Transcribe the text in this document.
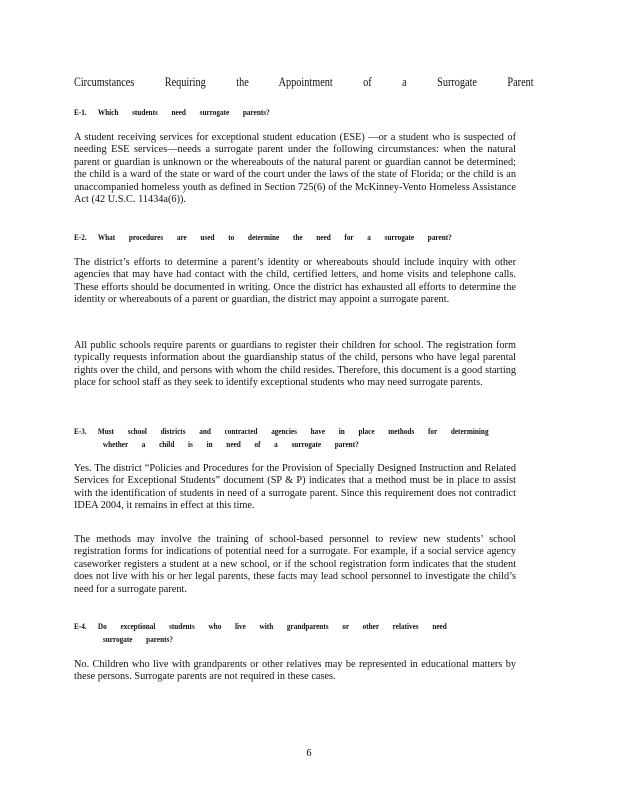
Circumstances Requiring the Appointment of a Surrogate Parent
E-1. Which students need surrogate parents?
A student receiving services for exceptional student education (ESE) —or a student who is suspected of needing ESE services—needs a surrogate parent under the following circumstances: when the natural parent or guardian is unknown or the whereabouts of the natural parent or guardian cannot be determined; the child is a ward of the state or ward of the court under the laws of the state of Florida; or the child is an unaccompanied homeless youth as defined in Section 725(6) of the McKinney-Vento Homeless Assistance Act (42 U.S.C. 11434a(6)).
E-2. What procedures are used to determine the need for a surrogate parent?
The district’s efforts to determine a parent’s identity or whereabouts should include inquiry with other agencies that may have had contact with the child, certified letters, and home visits and telephone calls. These efforts should be documented in writing. Once the district has exhausted all efforts to determine the identity or whereabouts of a parent or guardian, the district may appoint a surrogate parent.
All public schools require parents or guardians to register their children for school. The registration form typically requests information about the guardianship status of the child, persons who have legal parental rights over the child, and persons with whom the child resides. Therefore, this document is a good starting place for school staff as they seek to identify exceptional students who may need surrogate parents.
E-3. Must school districts and contracted agencies have in place methods for determining
whether a child is in need of a surrogate parent?
Yes. The district “Policies and Procedures for the Provision of Specially Designed Instruction and Related Services for Exceptional Students” document (SP & P) indicates that a method must be in place to assist with the identification of students in need of a surrogate parent. Since this requirement does not contradict IDEA 2004, it remains in effect at this time.
The methods may involve the training of school-based personnel to review new students’ school registration forms for indications of potential need for a surrogate. For example, if a social service agency caseworker registers a student at a new school, or if the school registration form indicates that the student does not live with his or her legal parents, these facts may lead school personnel to investigate the child’s need for a surrogate parent.
E-4. Do exceptional students who live with grandparents or other relatives need
surrogate parents?
No. Children who live with grandparents or other relatives may be represented in educational matters by these persons. Surrogate parents are not required in these cases.
6
